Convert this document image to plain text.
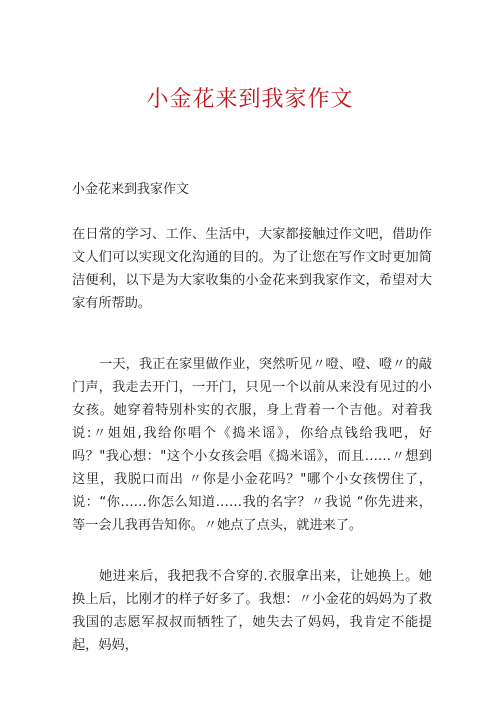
小金花来到我家作文
小金花来到我家作文
在日常的学习、工作、生活中，大家都接触过作文吧，借助作文人们可以实现文化沟通的目的。为了让您在写作文时更加简洁便利，以下是为大家收集的小金花来到我家作文，希望对大家有所帮助。
一天，我正在家里做作业，突然听见〃噔、噔、噔〃的敲门声，我走去开门，一开门，只见一个以前从来没有见过的小女孩。她穿着特别朴实的衣服，身上背着一个吉他。对着我说:〃姐姐,我给你唱个《捣米谣》，你给点钱给我吧，好吗？"我心想："这个小女孩会唱《捣米谣》，而且……〃想到这里，我脱口而出 〃你是小金花吗？"哪个小女孩愣住了，说：“你……你怎么知道‥‥‥我的名字？〃我说 “你先进来，等一会儿我再告知你。〃她点了点头，就进来了。
她进来后，我把我不合穿的.衣服拿出来，让她换上。她换上后，比刚才的样子好多了。我想：〃小金花的妈妈为了救我国的志愿军叔叔而牺牲了，她失去了妈妈，我肯定不能提起，妈妈，
